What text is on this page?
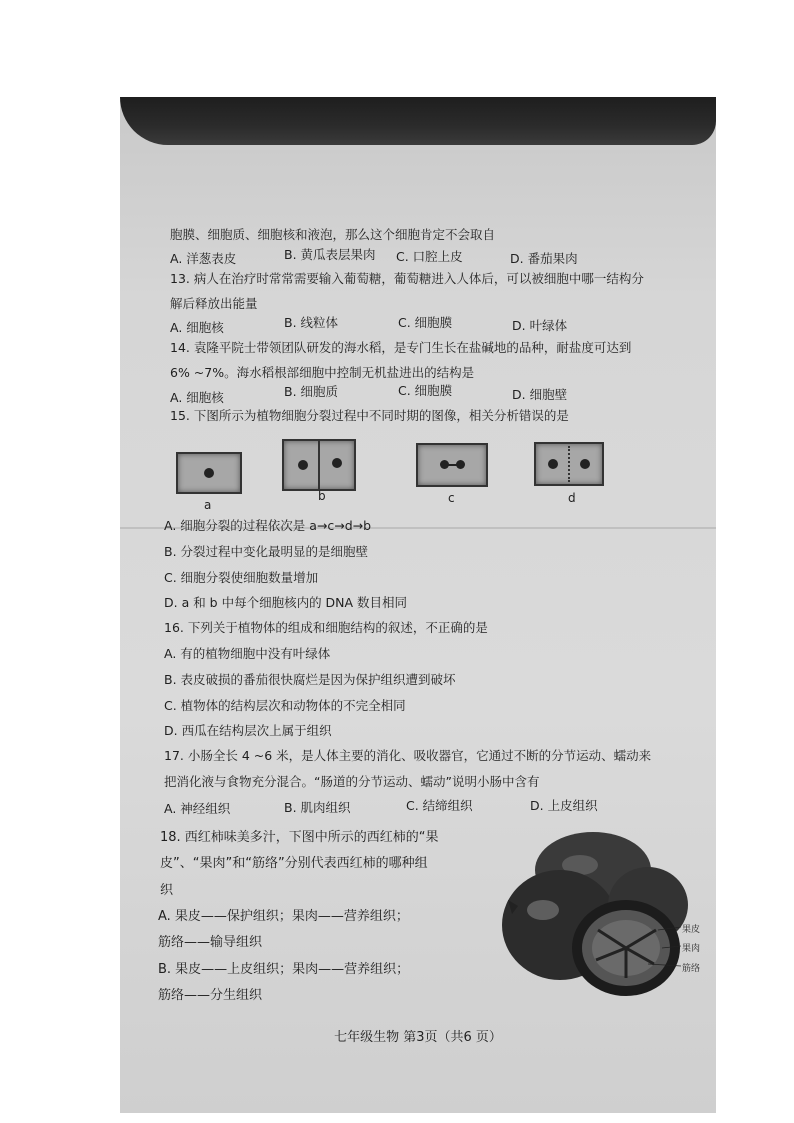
胞膜、细胞质、细胞核和液泡，那么这个细胞肯定不会取自
A. 洋葱表皮	B. 黄瓜表层果肉 C. 口腔上皮	D. 番茄果肉
13. 病人在治疗时常常需要输入葡萄糖，葡萄糖进入人体后，可以被细胞中哪一结构分
解后释放出能量
A. 细胞核	B. 线粒体	C. 细胞膜	D. 叶绿体
14. 袁隆平院士带领团队研发的海水稻，是专门生长在盐碱地的品种，耐盐度可达到
6% ~7%。海水稻根部细胞中控制无机盐进出的结构是
A. 细胞核	B. 细胞质	C. 细胞膜	D. 细胞壁
15. 下图所示为植物细胞分裂过程中不同时期的图像，相关分析错误的是
a
b	c	d
A. 细胞分裂的过程依次是 a→c→d→b
B. 分裂过程中变化最明显的是细胞壁
C. 细胞分裂使细胞数量增加
D. a 和 b 中每个细胞核内的 DNA 数目相同
16. 下列关于植物体的组成和细胞结构的叙述，不正确的是
A. 有的植物细胞中没有叶绿体
B. 表皮破损的番茄很快腐烂是因为保护组织遭到破坏
C. 植物体的结构层次和动物体的不完全相同
D. 西瓜在结构层次上属于组织
17. 小肠全长 4 ~6 米，是人体主要的消化、吸收器官，它通过不断的分节运动、蠕动来
把消化液与食物充分混合。“肠道的分节运动、蠕动”说明小肠中含有
A. 神经组织	B. 肌肉组织	C. 结缔组织	D. 上皮组织
18. 西红柿味美多汁，下图中所示的西红柿的“果
皮”、“果肉”和“筋络”分别代表西红柿的哪种组
织
A. 果皮——保护组织；果肉——营养组织；
筋络——输导组织
B. 果皮——上皮组织；果肉——营养组织；
筋络——分生组织
果皮
果肉
筋络
七年级生物 第3页（共6 页）
